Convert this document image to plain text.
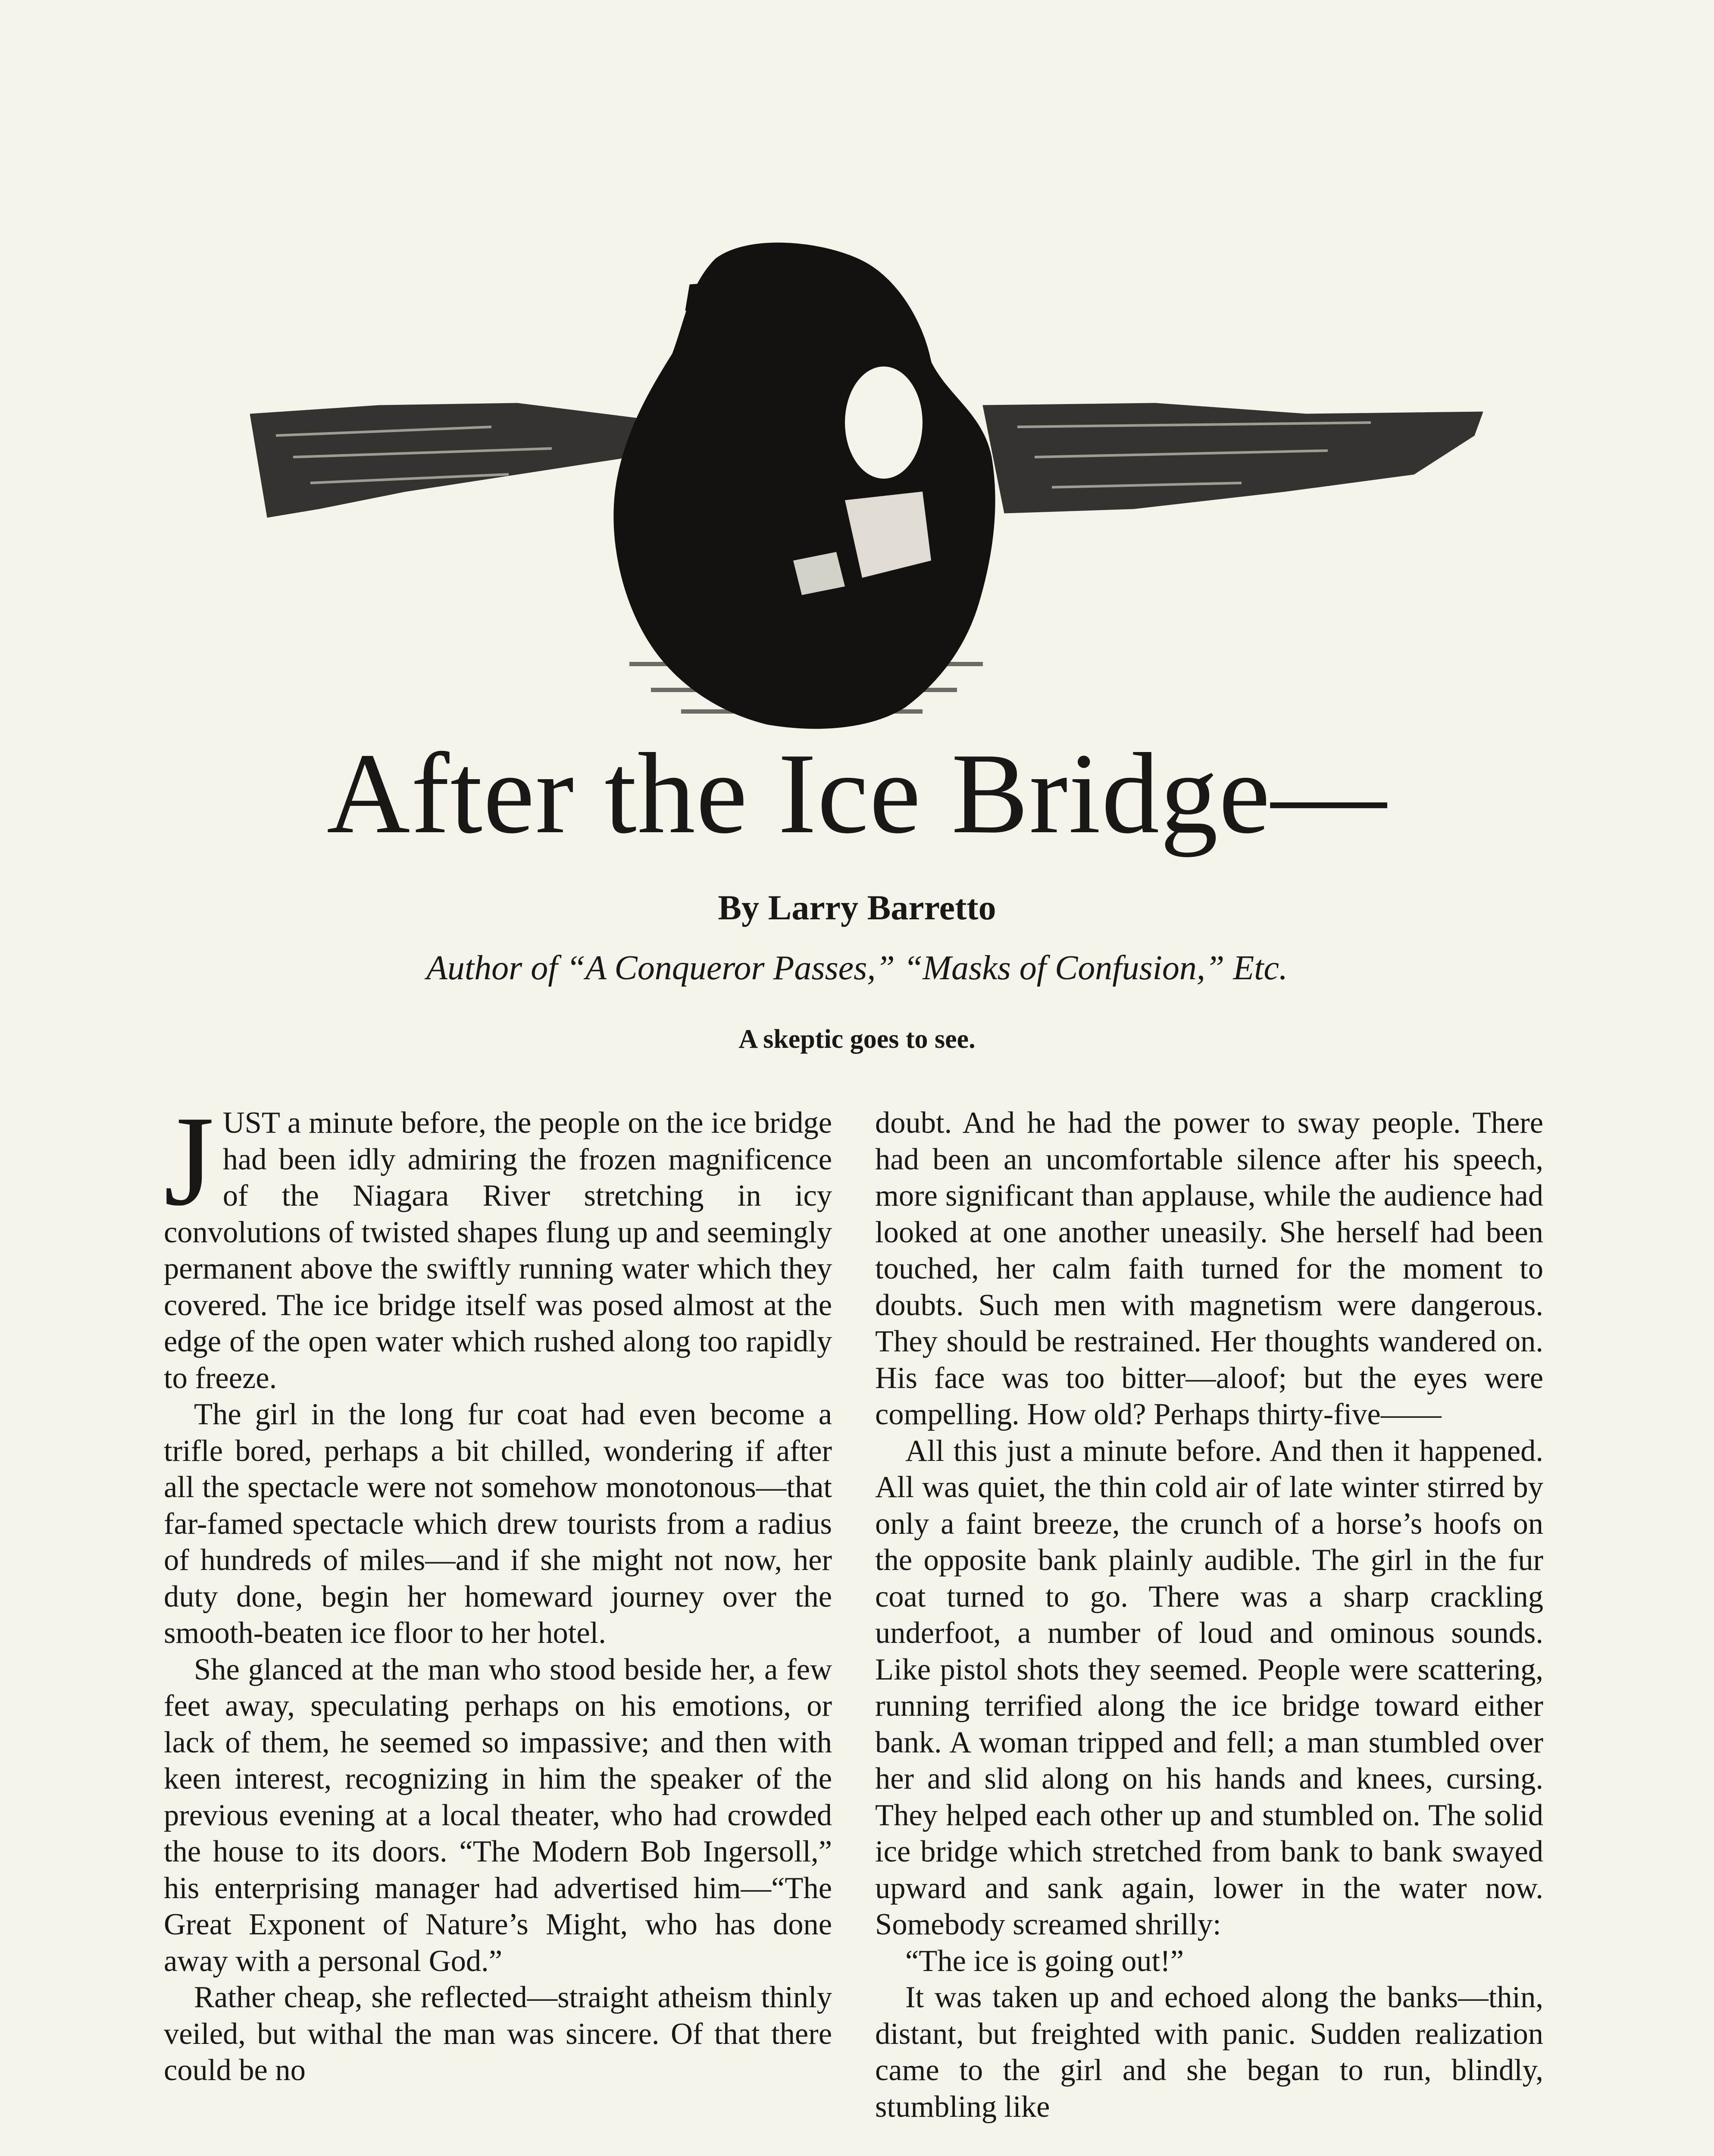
After the Ice Bridge—
By Larry Barretto
Author of “A Conqueror Passes,” “Masks of Confusion,” Etc.
A skeptic goes to see.

JUST a minute before, the people on the ice bridge had been idly admiring the frozen magnificence of the Niagara River stretching in icy convolutions of twisted shapes flung up and seemingly permanent above the swiftly running water which they covered. The ice bridge itself was posed almost at the edge of the open water which rushed along too rapidly to freeze.

The girl in the long fur coat had even become a trifle bored, perhaps a bit chilled, wondering if after all the spectacle were not somehow monotonous—that far-famed spectacle which drew tourists from a radius of hundreds of miles—and if she might not now, her duty done, begin her homeward journey over the smooth-beaten ice floor to her hotel.

She glanced at the man who stood beside her, a few feet away, speculating perhaps on his emotions, or lack of them, he seemed so impassive; and then with keen interest, recognizing in him the speaker of the previous evening at a local theater, who had crowded the house to its doors. “The Modern Bob Ingersoll,” his enterprising manager had advertised him—“The Great Exponent of Nature’s Might, who has done away with a personal God.”

Rather cheap, she reflected—straight atheism thinly veiled, but withal the man was sincere. Of that there could be no

doubt. And he had the power to sway people. There had been an uncomfortable silence after his speech, more significant than applause, while the audience had looked at one another uneasily. She herself had been touched, her calm faith turned for the moment to doubts. Such men with magnetism were dangerous. They should be restrained. Her thoughts wandered on. His face was too bitter—aloof; but the eyes were compelling. How old? Perhaps thirty-five——

All this just a minute before. And then it happened. All was quiet, the thin cold air of late winter stirred by only a faint breeze, the crunch of a horse’s hoofs on the opposite bank plainly audible. The girl in the fur coat turned to go. There was a sharp crackling underfoot, a number of loud and ominous sounds. Like pistol shots they seemed. People were scattering, running terrified along the ice bridge toward either bank. A woman tripped and fell; a man stumbled over her and slid along on his hands and knees, cursing. They helped each other up and stumbled on. The solid ice bridge which stretched from bank to bank swayed upward and sank again, lower in the water now. Somebody screamed shrilly:

“The ice is going out!”

It was taken up and echoed along the banks—thin, distant, but freighted with panic. Sudden realization came to the girl and she began to run, blindly, stumbling like
